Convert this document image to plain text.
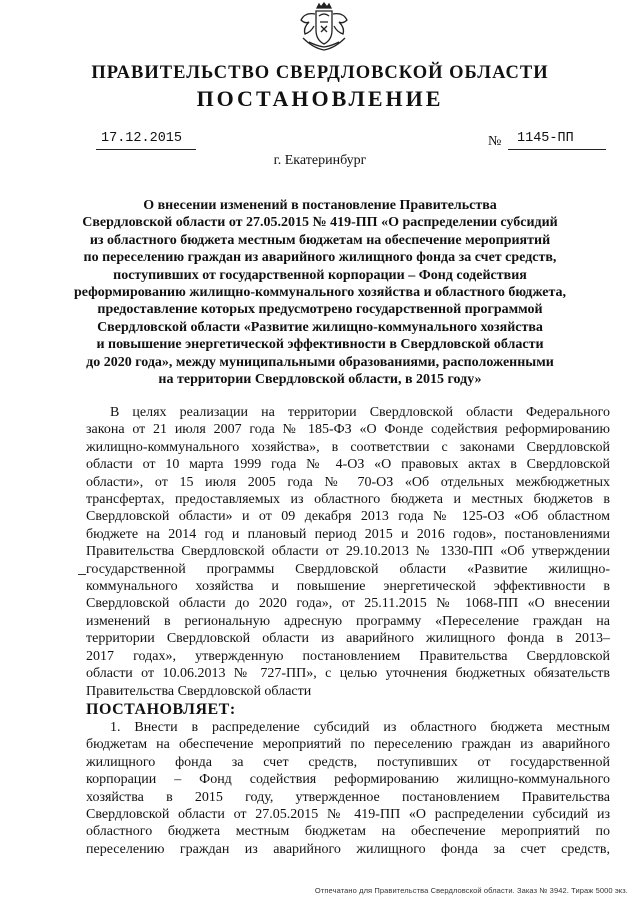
ПРАВИТЕЛЬСТВО СВЕРДЛОВСКОЙ ОБЛАСТИ
ПОСТАНОВЛЕНИЕ
17.12.2015	№ 1145-ПП
г. Екатеринбург
О внесении изменений в постановление Правительства
Свердловской области от 27.05.2015 № 419-ПП «О распределении субсидий
из областного бюджета местным бюджетам на обеспечение мероприятий
по переселению граждан из аварийного жилищного фонда за счет средств,
поступивших от государственной корпорации – Фонд содействия
реформированию жилищно-коммунального хозяйства и областного бюджета,
предоставление которых предусмотрено государственной программой
Свердловской области «Развитие жилищно-коммунального хозяйства
и повышение энергетической эффективности в Свердловской области
до 2020 года», между муниципальными образованиями, расположенными
на территории Свердловской области, в 2015 году»
В целях реализации на территории Свердловской области Федерального
закона от 21 июля 2007 года № 185-ФЗ «О Фонде содействия реформированию
жилищно-коммунального хозяйства», в соответствии с законами Свердловской
области от 10 марта 1999 года № 4-ОЗ «О правовых актах в Свердловской
области», от 15 июля 2005 года № 70-ОЗ «Об отдельных межбюджетных
трансфертах, предоставляемых из областного бюджета и местных бюджетов в
Свердловской области» и от 09 декабря 2013 года № 125-ОЗ «Об областном
бюджете на 2014 год и плановый период 2015 и 2016 годов», постановлениями
Правительства Свердловской области от 29.10.2013 № 1330-ПП «Об утверждении
государственной программы Свердловской области «Развитие жилищно-
коммунального хозяйства и повышение энергетической эффективности в
Свердловской области до 2020 года», от 25.11.2015 № 1068-ПП «О внесении
изменений в региональную адресную программу «Переселение граждан на
территории Свердловской области из аварийного жилищного фонда в 2013–
2017 годах», утвержденную постановлением Правительства Свердловской
области от 10.06.2013 № 727-ПП», с целью уточнения бюджетных обязательств
Правительства Свердловской области
ПОСТАНОВЛЯЕТ:
1. Внести в распределение субсидий из областного бюджета местным
бюджетам на обеспечение мероприятий по переселению граждан из аварийного
жилищного фонда за счет средств, поступивших от государственной
корпорации – Фонд содействия реформированию жилищно-коммунального
хозяйства в 2015 году, утвержденное постановлением Правительства
Свердловской области от 27.05.2015 № 419-ПП «О распределении субсидий из
областного бюджета местным бюджетам на обеспечение мероприятий по
переселению граждан из аварийного жилищного фонда за счет средств,
Отпечатано для Правительства Свердловской области. Заказ № 3942. Тираж 5000 экз.
